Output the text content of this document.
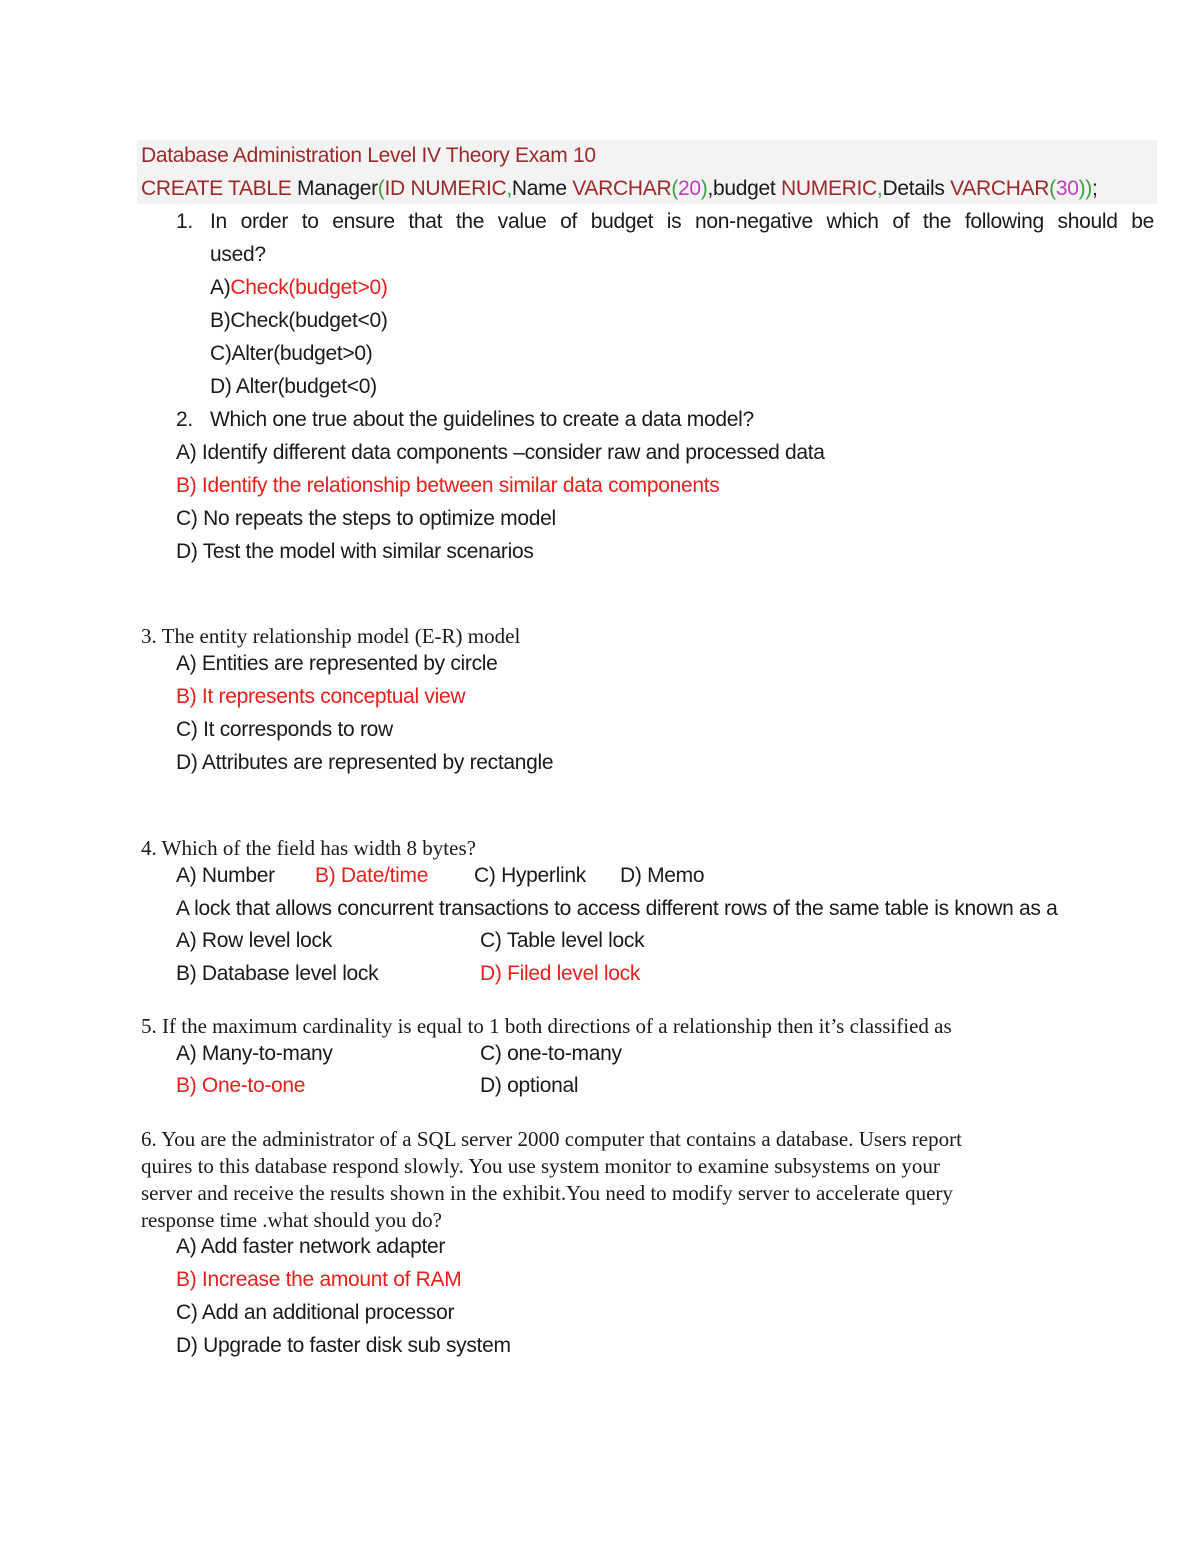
Database Administration Level IV Theory Exam 10
CREATE TABLE Manager(ID NUMERIC,Name VARCHAR(20),budget NUMERIC,Details VARCHAR(30));
1. In order to ensure that the value of budget is non-negative which of the following should be
used?
A)Check(budget>0)
B)Check(budget<0)
C)Alter(budget>0)
D) Alter(budget<0)
2. Which one true about the guidelines to create a data model?
A) Identify different data components –consider raw and processed data
B) Identify the relationship between similar data components
C) No repeats the steps to optimize model
D) Test the model with similar scenarios
3. The entity relationship model (E-R) model
A) Entities are represented by circle
B) It represents conceptual view
C) It corresponds to row
D) Attributes are represented by rectangle
4. Which of the field has width 8 bytes?
A) Number B) Date/time C) Hyperlink D) Memo
A lock that allows concurrent transactions to access different rows of the same table is known as a
A) Row level lock	C) Table level lock
B) Database level lock	D) Filed level lock
5. If the maximum cardinality is equal to 1 both directions of a relationship then it’s classified as
A) Many-to-many	C) one-to-many
B) One-to-one	D) optional
6. You are the administrator of a SQL server 2000 computer that contains a database. Users report
quires to this database respond slowly. You use system monitor to examine subsystems on your
server and receive the results shown in the exhibit.You need to modify server to accelerate query
response time .what should you do?
A) Add faster network adapter
B) Increase the amount of RAM
C) Add an additional processor
D) Upgrade to faster disk sub system
